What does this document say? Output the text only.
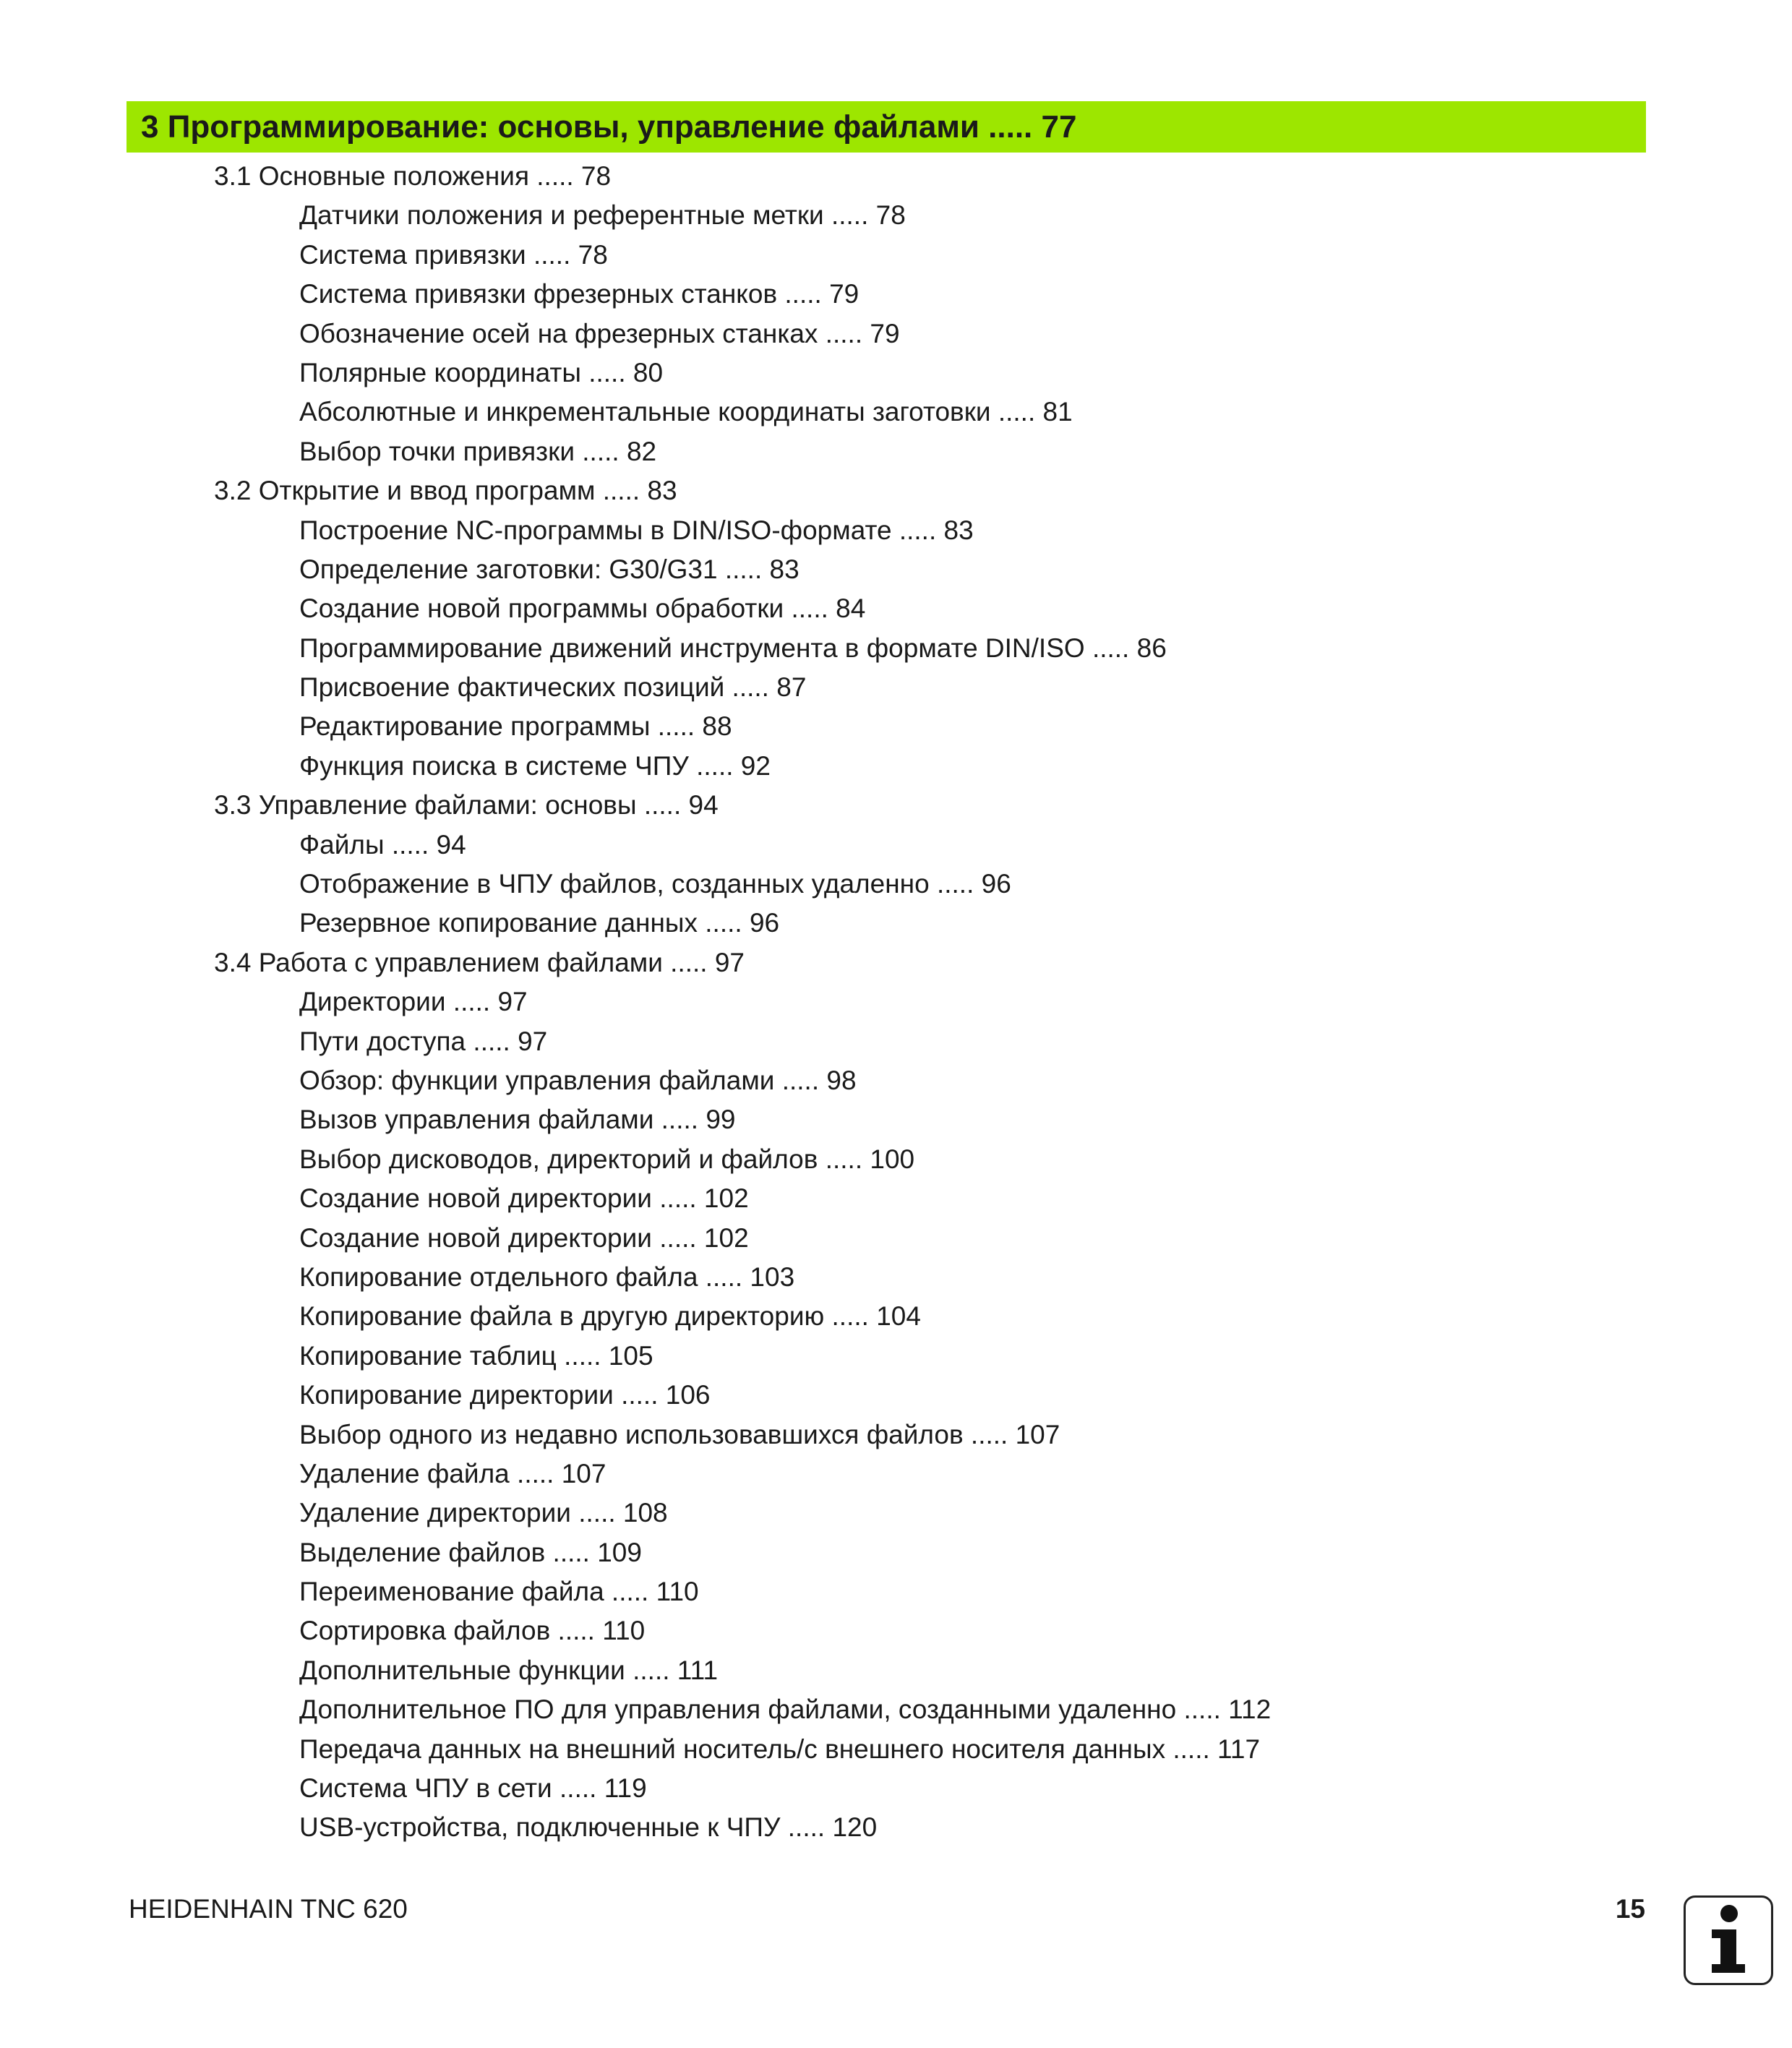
3 Программирование: основы, управление файлами ..... 77
3.1 Основные положения ..... 78
Датчики положения и референтные метки ..... 78
Система привязки ..... 78
Система привязки фрезерных станков ..... 79
Обозначение осей на фрезерных станках ..... 79
Полярные координаты ..... 80
Абсолютные и инкрементальные координаты заготовки ..... 81
Выбор точки привязки ..... 82
3.2 Открытие и ввод программ ..... 83
Построение NC-программы в DIN/ISO-формате ..... 83
Определение заготовки: G30/G31 ..... 83
Создание новой программы обработки ..... 84
Программирование движений инструмента в формате DIN/ISO ..... 86
Присвоение фактических позиций ..... 87
Редактирование программы ..... 88
Функция поиска в системе ЧПУ ..... 92
3.3 Управление файлами: основы ..... 94
Файлы ..... 94
Отображение в ЧПУ файлов, созданных удаленно ..... 96
Резервное копирование данных ..... 96
3.4 Работа с управлением файлами ..... 97
Директории ..... 97
Пути доступа ..... 97
Обзор: функции управления файлами ..... 98
Вызов управления файлами ..... 99
Выбор дисководов, директорий и файлов ..... 100
Создание новой директории ..... 102
Создание новой директории ..... 102
Копирование отдельного файла ..... 103
Копирование файла в другую директорию ..... 104
Копирование таблиц ..... 105
Копирование директории ..... 106
Выбор одного из недавно использовавшихся файлов ..... 107
Удаление файла ..... 107
Удаление директории ..... 108
Выделение файлов ..... 109
Переименование файла ..... 110
Сортировка файлов ..... 110
Дополнительные функции ..... 111
Дополнительное ПО для управления файлами, созданными удаленно ..... 112
Передача данных на внешний носитель/с внешнего носителя данных ..... 117
Система ЧПУ в сети ..... 119
USB-устройства, подключенные к ЧПУ ..... 120
HEIDENHAIN TNC 620	15
